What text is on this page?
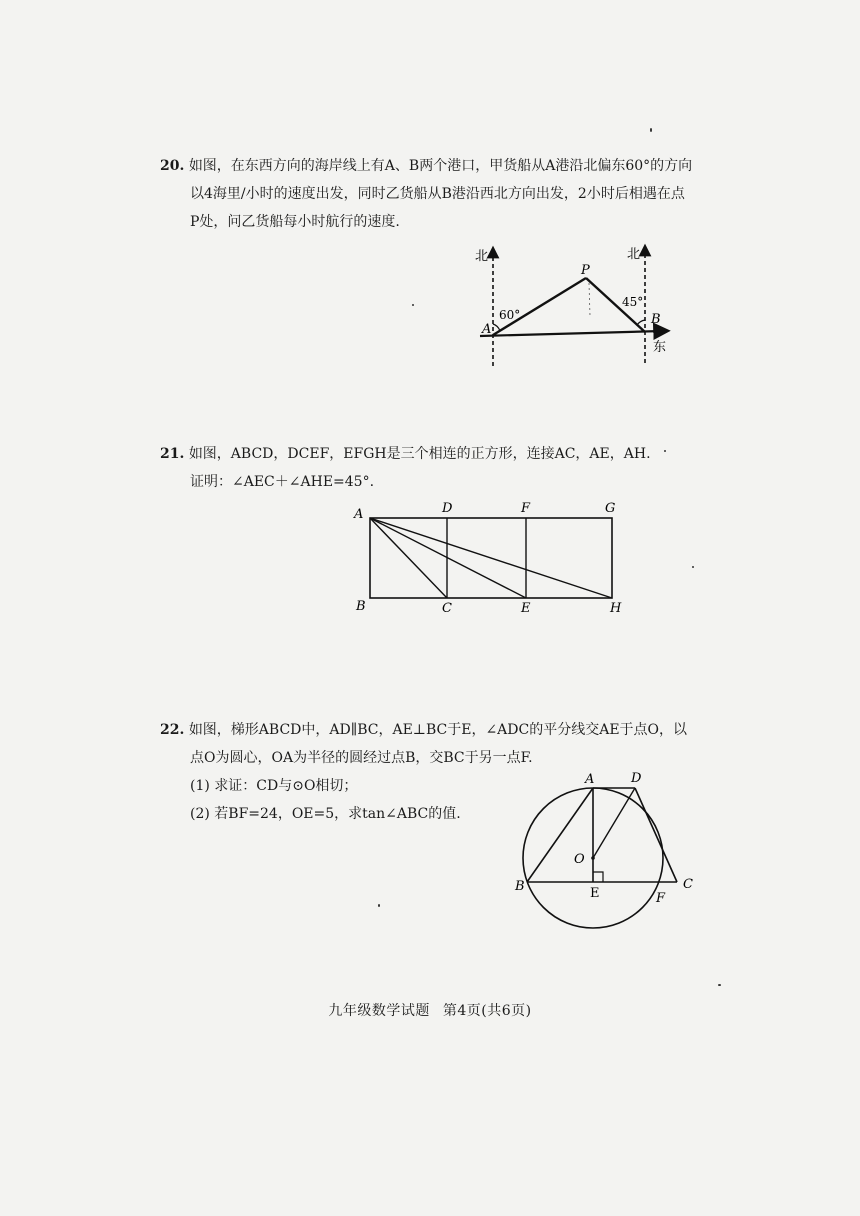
20. 如图，在东西方向的海岸线上有A、B两个港口，甲货船从A港沿北偏东60°的方向

以4海里/小时的速度出发，同时乙货船从B港沿西北方向出发，2小时后相遇在点

P处，问乙货船每小时航行的速度.

北	北
东
A
B
P
60°
45°

21. 如图，ABCD，DCEF，EFGH是三个相连的正方形，连接AC，AE，AH.

证明：∠AEC＋∠AHE=45°.

A	D	F	G
B	C	E	H

22. 如图，梯形ABCD中，AD∥BC，AE⊥BC于E，∠ADC的平分线交AE于点O，以

点O为圆心，OA为半径的圆经过点B，交BC于另一点F.

(1) 求证：CD与⊙O相切；

(2) 若BF=24，OE=5，求tan∠ABC的值.

A	D
O
B	E	F
C
九年级数学试题 第4页(共6页)
